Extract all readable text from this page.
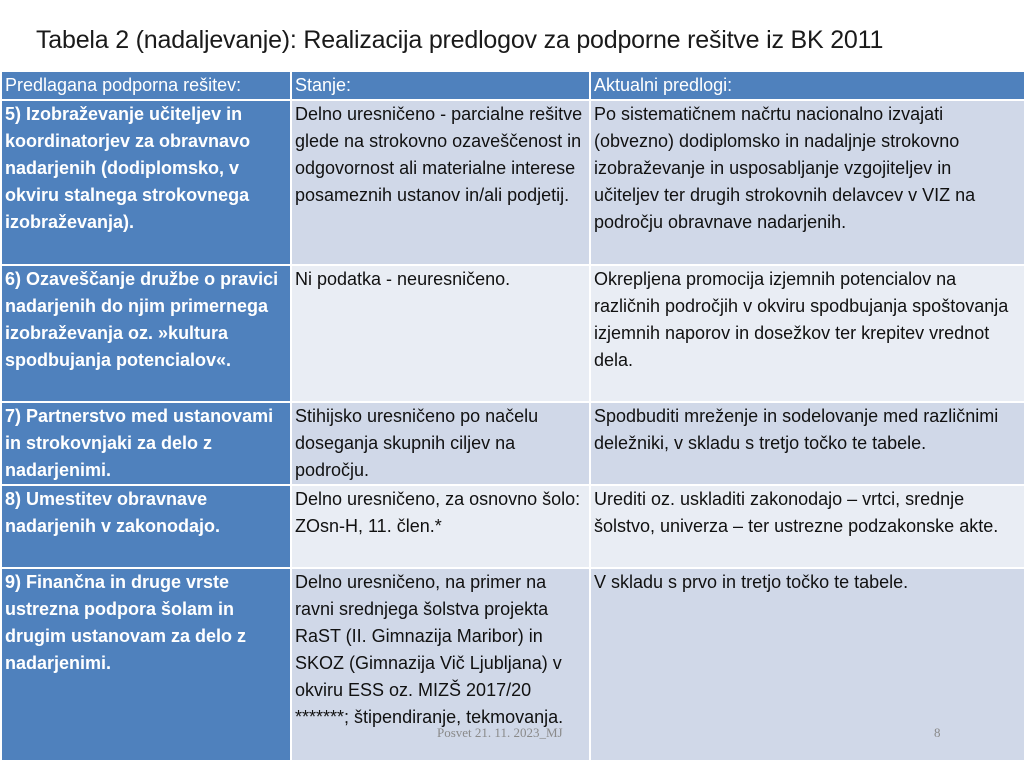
Tabela 2 (nadaljevanje): Realizacija predlogov za podporne rešitve iz BK 2011
Predlagana podporna rešitev:	Stanje:	Aktualni predlogi:
5) Izobraževanje učiteljev in koordinatorjev za obravnavo nadarjenih (dodiplomsko, v okviru stalnega strokovnega izobraževanja).	Delno uresničeno - parcialne rešitve glede na strokovno ozaveščenost in odgovornost ali materialne interese posameznih ustanov in/ali podjetij.	Po sistematičnem načrtu nacionalno izvajati (obvezno) dodiplomsko in nadaljnje strokovno izobraževanje in usposabljanje vzgojiteljev in učiteljev ter drugih strokovnih delavcev v VIZ na področju obravnave nadarjenih.
6) Ozaveščanje družbe o pravici nadarjenih do njim primernega izobraževanja oz. »kultura spodbujanja potencialov«.	Ni podatka - neuresničeno.	Okrepljena promocija izjemnih potencialov na različnih področjih v okviru spodbujanja spoštovanja izjemnih naporov in dosežkov ter krepitev vrednot dela.
7) Partnerstvo med ustanovami in strokovnjaki za delo z nadarjenimi.	Stihijsko uresničeno po načelu doseganja skupnih ciljev na področju.	Spodbuditi mreženje in sodelovanje med različnimi deležniki, v skladu s tretjo točko te tabele.
8) Umestitev obravnave nadarjenih v zakonodajo.	Delno uresničeno, za osnovno šolo: ZOsn-H, 11. člen.*	Urediti oz. uskladiti zakonodajo – vrtci, srednje šolstvo, univerza – ter ustrezne podzakonske akte.
9) Finančna in druge vrste ustrezna podpora šolam in drugim ustanovam za delo z nadarjenimi.	Delno uresničeno, na primer na ravni srednjega šolstva projekta RaST (II. Gimnazija Maribor) in SKOZ (Gimnazija Vič Ljubljana) v okviru ESS oz. MIZŠ 2017/20 *******; štipendiranje, tekmovanja.	V skladu s prvo in tretjo točko te tabele.
Posvet 21. 11. 2023_MJ	8
